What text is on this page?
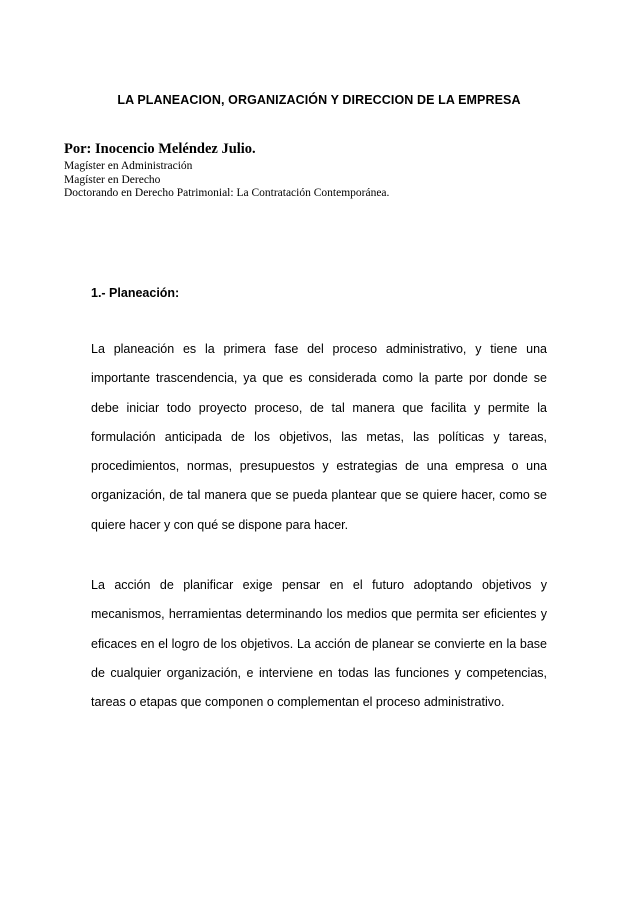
LA PLANEACION, ORGANIZACIÓN Y DIRECCION DE LA EMPRESA

Por: Inocencio Meléndez Julio.

Magíster en Administración

Magíster en Derecho

Doctorando en Derecho Patrimonial: La Contratación Contemporánea.

1.- Planeación:

La planeación es la primera fase del proceso administrativo, y tiene una importante trascendencia, ya que es considerada como la parte por donde se debe iniciar todo proyecto proceso, de tal manera que facilita y permite la formulación anticipada de los objetivos, las metas, las políticas y tareas, procedimientos, normas, presupuestos y estrategias de una empresa o una organización, de tal manera que se pueda plantear que se quiere hacer, como se quiere hacer y con qué se dispone para hacer.

La acción de planificar exige pensar en el futuro adoptando objetivos y mecanismos, herramientas determinando los medios que permita ser eficientes y eficaces en el logro de los objetivos. La acción de planear se convierte en la base de cualquier organización, e interviene en todas las funciones y competencias, tareas o etapas que componen o complementan el proceso administrativo.
